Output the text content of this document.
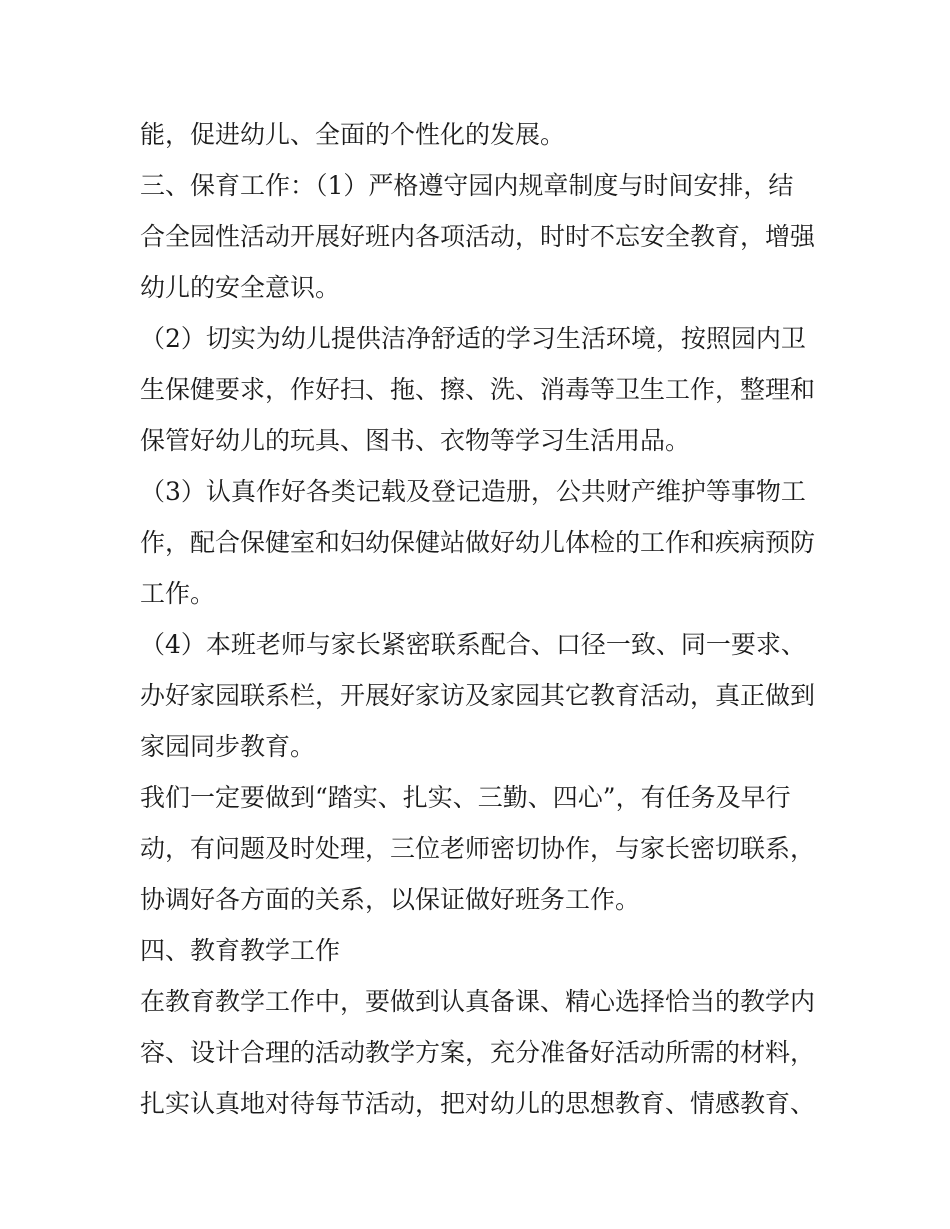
能，促进幼儿、全面的个性化的发展。
三、保育工作：（1）严格遵守园内规章制度与时间安排，结
合全园性活动开展好班内各项活动，时时不忘安全教育，增强
幼儿的安全意识。
（2）切实为幼儿提供洁净舒适的学习生活环境，按照园内卫
生保健要求，作好扫、拖、擦、洗、消毒等卫生工作，整理和
保管好幼儿的玩具、图书、衣物等学习生活用品。
（3）认真作好各类记载及登记造册，公共财产维护等事物工
作，配合保健室和妇幼保健站做好幼儿体检的工作和疾病预防
工作。
（4）本班老师与家长紧密联系配合、口径一致、同一要求、
办好家园联系栏，开展好家访及家园其它教育活动，真正做到
家园同步教育。
我们一定要做到“踏实、扎实、三勤、四心”，有任务及早行
动，有问题及时处理，三位老师密切协作，与家长密切联系，
协调好各方面的关系，以保证做好班务工作。
四、教育教学工作
在教育教学工作中，要做到认真备课、精心选择恰当的教学内
容、设计合理的活动教学方案，充分准备好活动所需的材料，
扎实认真地对待每节活动，把对幼儿的思想教育、情感教育、
